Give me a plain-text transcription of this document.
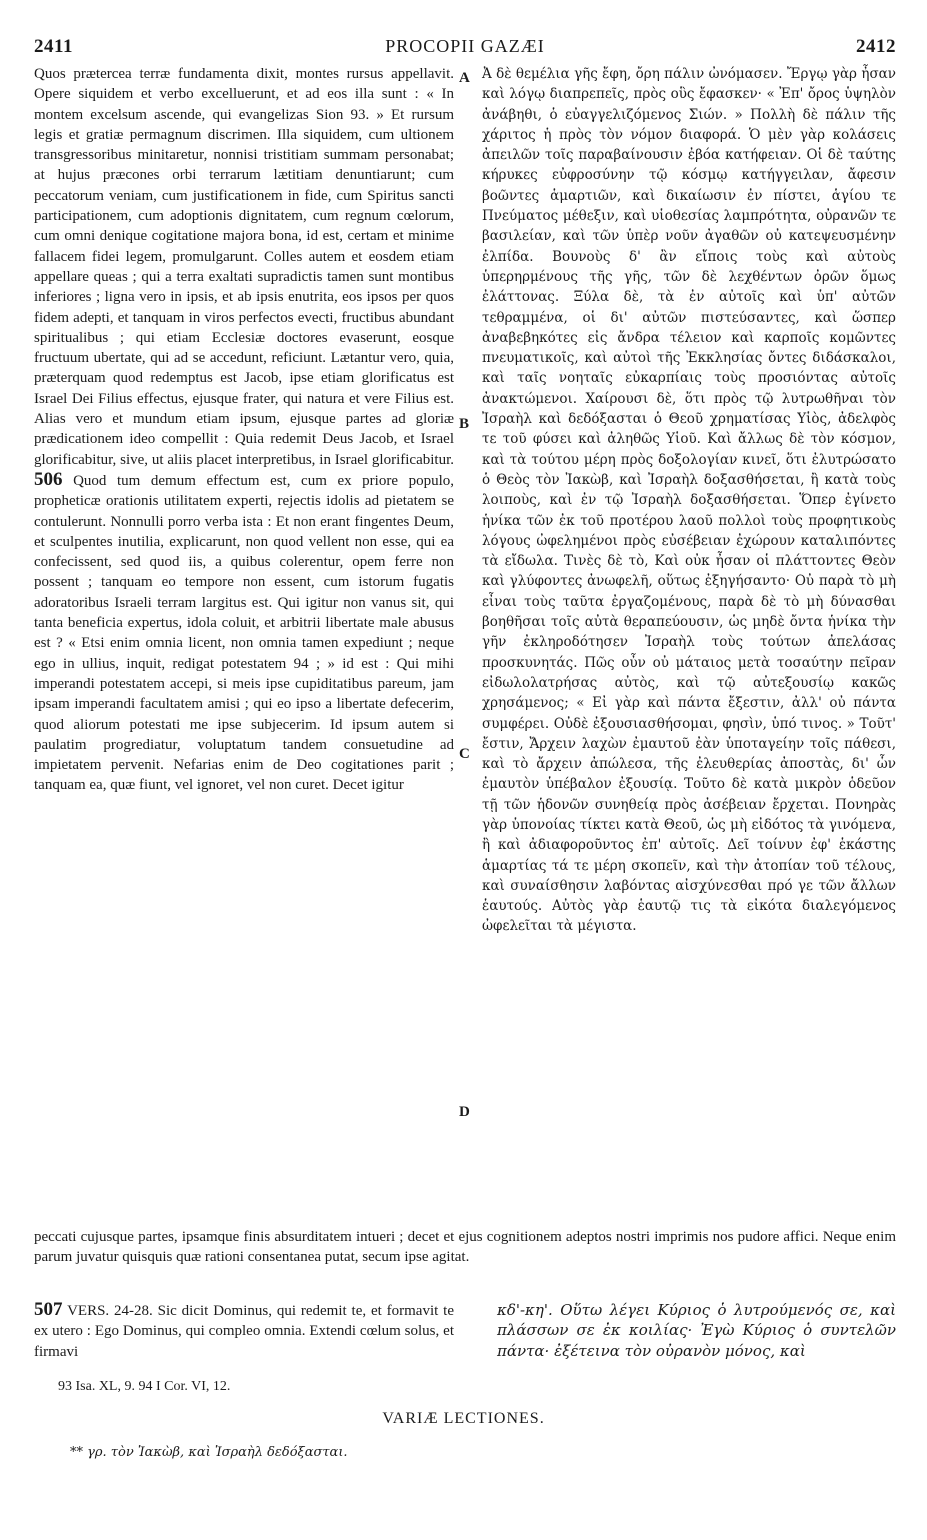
2411	PROCOPII GAZÆI	2412

Quos prætercea terræ fundamenta dixit, montes rursus appellavit. Opere siquidem et verbo excelluerunt, et ad eos illa sunt : « In montem excelsum ascende, qui evangelizas Sion 93. » Et rursum legis et gratiæ permagnum discrimen. Illa siquidem, cum ultionem transgressoribus minitaretur, nonnisi tristitiam summam personabat; at hujus præcones orbi terrarum lætitiam denuntiarunt; cum peccatorum veniam, cum justificationem in fide, cum Spiritus sancti participationem, cum adoptionis dignitatem, cum regnum cœlorum, cum omni denique cogitatione majora bona, id est, certam et minime fallacem fidei legem, promulgarunt. Colles autem et eosdem etiam appellare queas ; qui a terra exaltati supradictis tamen sunt montibus inferiores ; ligna vero in ipsis, et ab ipsis enutrita, eos ipsos per quos fidem adepti, et tanquam in viros perfectos evecti, fructibus abundant spiritualibus ; qui etiam Ecclesiæ doctores evaserunt, eosque fructuum ubertate, qui ad se accedunt, reficiunt. Lætantur vero, quia, præterquam quod redemptus est Jacob, ipse etiam glorificatus est Israel Dei Filius effectus, ejusque frater, qui natura et vere Filius est. Alias vero et mundum etiam ipsum, ejusque partes ad gloriæ prædicationem ideo compellit : Quia redemit Deus Jacob, et Israel glorificabitur, sive, ut aliis placet interpretibus, in Israel glorificabitur. 506 Quod tum demum effectum est, cum ex priore populo, propheticæ orationis utilitatem experti, rejectis idolis ad pietatem se contulerunt. Nonnulli porro verba ista : Et non erant fingentes Deum, et sculpentes inutilia, explicarunt, non quod vellent non esse, qui ea confecissent, sed quod iis, a quibus colerentur, opem ferre non possent ; tanquam eo tempore non essent, cum istorum fugatis adoratoribus Israeli terram largitus est. Qui igitur non vanus sit, qui tanta beneficia expertus, idola coluit, et arbitrii libertate male abusus est ? « Etsi enim omnia licent, non omnia tamen expediunt ; neque ego in ullius, inquit, redigat potestatem 94 ; » id est : Qui mihi imperandi potestatem accepi, si meis ipse cupiditatibus pareum, jam ipsam imperandi facultatem amisi ; qui eo ipso a libertate defecerim, quod aliorum potestati me ipse subjecerim. Id ipsum autem si paulatim progrediatur, voluptatum tandem consuetudine ad impietatem pervenit. Nefarias enim de Deo cogitationes parit ; tanquam ea, quæ fiunt, vel ignoret, vel non curet. Decet igitur

A
B
C
D

Ἀ δὲ θεμέλια γῆς ἔφη, ὄρη πάλιν ὠνόμασεν. Ἔργῳ γὰρ ἦσαν καὶ λόγῳ διαπρεπεῖς, πρὸς οὓς ἔφασκεν· « Ἐπ' ὄρος ὑψηλὸν ἀνάβηθι, ὁ εὐαγγελιζόμενος Σιών. » Πολλὴ δὲ πάλιν τῆς χάριτος ἡ πρὸς τὸν νόμον διαφορά. Ὁ μὲν γὰρ κολάσεις ἀπειλῶν τοῖς παραβαίνουσιν ἐβόα κατήφειαν. Οἱ δὲ ταύτης κήρυκες εὐφροσύνην τῷ κόσμῳ κατήγγειλαν, ἄφεσιν βοῶντες ἁμαρτιῶν, καὶ δικαίωσιν ἐν πίστει, ἁγίου τε Πνεύματος μέθεξιν, καὶ υἱοθεσίας λαμπρότητα, οὐρανῶν τε βασιλείαν, καὶ τῶν ὑπὲρ νοῦν ἀγαθῶν οὐ κατεψευσμένην ἐλπίδα. Βουνοὺς δ' ἂν εἴποις τοὺς καὶ αὐτοὺς ὑπερηρμένους τῆς γῆς, τῶν δὲ λεχθέντων ὀρῶν ὅμως ἐλάττονας. Ξύλα δὲ, τὰ ἐν αὐτοῖς καὶ ὑπ' αὐτῶν τεθραμμένα, οἱ δι' αὐτῶν πιστεύσαντες, καὶ ὥσπερ ἀναβεβηκότες εἰς ἄνδρα τέλειον καὶ καρποῖς κομῶντες πνευματικοῖς, καὶ αὐτοὶ τῆς Ἐκκλησίας ὄντες διδάσκαλοι, καὶ ταῖς νοηταῖς εὐκαρπίαις τοὺς προσιόντας αὐτοῖς ἀνακτώμενοι. Χαίρουσι δὲ, ὅτι πρὸς τῷ λυτρωθῆναι τὸν Ἰσραὴλ καὶ δεδόξασται ὁ Θεοῦ χρηματίσας Υἱὸς, ἀδελφὸς τε τοῦ φύσει καὶ ἀληθῶς Υἱοῦ. Καὶ ἄλλως δὲ τὸν κόσμον, καὶ τὰ τούτου μέρη πρὸς δοξολογίαν κινεῖ, ὅτι ἐλυτρώσατο ὁ Θεὸς τὸν Ἰακὼβ, καὶ Ἰσραὴλ δοξασθήσεται, ἢ κατὰ τοὺς λοιποὺς, καὶ ἐν τῷ Ἰσραὴλ δοξασθήσεται. Ὅπερ ἐγίνετο ἡνίκα τῶν ἐκ τοῦ προτέρου λαοῦ πολλοὶ τοὺς προφητικοὺς λόγους ὠφελημένοι πρὸς εὐσέβειαν ἐχώρουν καταλιπόντες τὰ εἴδωλα. Τινὲς δὲ τὸ, Καὶ οὐκ ἦσαν οἱ πλάττοντες Θεὸν καὶ γλύφοντες ἀνωφελῆ, οὕτως ἐξηγήσαντο· Οὐ παρὰ τὸ μὴ εἶναι τοὺς ταῦτα ἐργαζομένους, παρὰ δὲ τὸ μὴ δύνασθαι βοηθῆσαι τοῖς αὐτὰ θεραπεύουσιν, ὡς μηδὲ ὄντα ἡνίκα τὴν γῆν ἐκληροδότησεν Ἰσραὴλ τοὺς τούτων ἀπελάσας προσκυνητάς. Πῶς οὖν οὐ μάταιος μετὰ τοσαύτην πεῖραν εἰδωλολατρήσας αὐτὸς, καὶ τῷ αὐτεξουσίῳ κακῶς χρησάμενος; « Εἰ γὰρ καὶ πάντα ἔξεστιν, ἀλλ' οὐ πάντα συμφέρει. Οὐδὲ ἐξουσιασθήσομαι, φησὶν, ὑπό τινος. » Τοῦτ' ἔστιν, Ἄρχειν λαχὼν ἐμαυτοῦ ἐὰν ὑποταγείην τοῖς πάθεσι, καὶ τὸ ἄρχειν ἀπώλεσα, τῆς ἐλευθερίας ἀποστὰς, δι' ὧν ἐμαυτὸν ὑπέβαλον ἐξουσίᾳ. Τοῦτο δὲ κατὰ μικρὸν ὁδεῦον τῇ τῶν ἡδονῶν συνηθείᾳ πρὸς ἀσέβειαν ἔρχεται. Πονηρὰς γὰρ ὑπονοίας τίκτει κατὰ Θεοῦ, ὡς μὴ εἰδότος τὰ γινόμενα, ἢ καὶ ἀδιαφοροῦντος ἐπ' αὐτοῖς. Δεῖ τοίνυν ἐφ' ἑκάστης ἁμαρτίας τά τε μέρη σκοπεῖν, καὶ τὴν ἀτοπίαν τοῦ τέλους, καὶ συναίσθησιν λαβόντας αἰσχύνεσθαι πρό γε τῶν ἄλλων ἑαυτούς. Αὐτὸς γὰρ ἑαυτῷ τις τὰ εἰκότα διαλεγόμενος ὠφελεῖται τὰ μέγιστα.

peccati cujusque partes, ipsamque finis absurditatem intueri ; decet et ejus cognitionem adeptos nostri imprimis nos pudore affici. Neque enim parum juvatur quisquis quæ rationi consentanea putat, secum ipse agitat.

507 VERS. 24-28. Sic dicit Dominus, qui redemit te, et formavit te ex utero : Ego Dominus, qui compleo omnia. Extendi cœlum solus, et firmavi

κδ'-κη'. Οὕτω λέγει Κύριος ὁ λυτρούμενός σε, καὶ πλάσσων σε ἐκ κοιλίας· Ἐγὼ Κύριος ὁ συντελῶν πάντα· ἐξέτεινα τὸν οὐρανὸν μόνος, καὶ

93 Isa. XL, 9. 94 I Cor. VI, 12.
VARIÆ LECTIONES.
** γρ. τὸν Ἰακὼβ, καὶ Ἰσραὴλ δεδόξασται.
